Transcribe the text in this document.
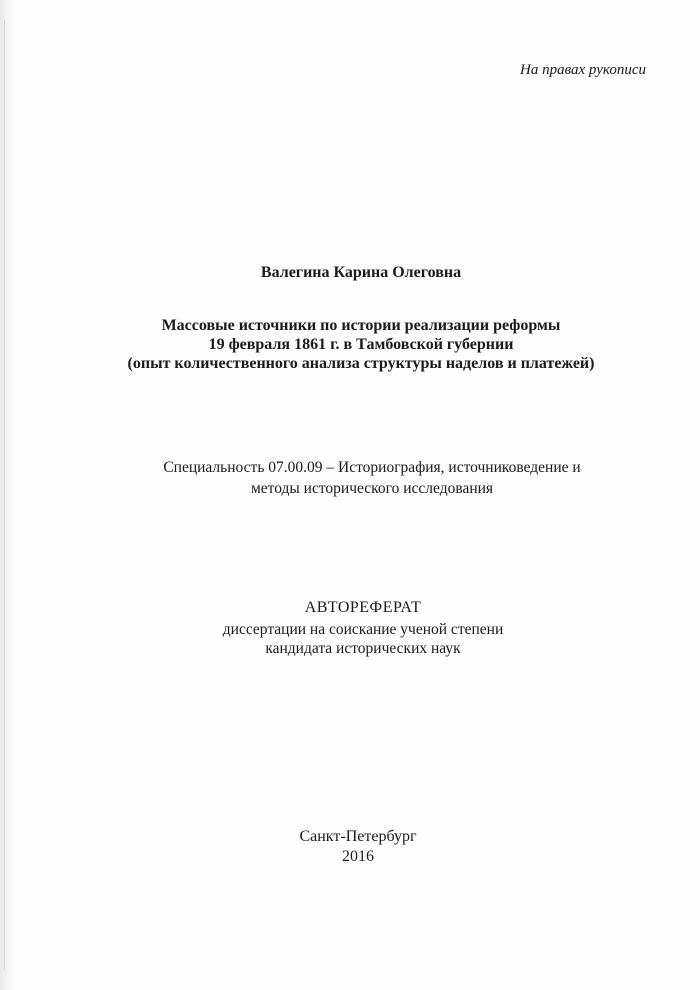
На правах рукописи
Валегина Карина Олеговна
Массовые источники по истории реализации реформы
19 февраля 1861 г. в Тамбовской губернии
(опыт количественного анализа структуры наделов и платежей)
Специальность 07.00.09 – Историография, источниковедение и
методы исторического исследования
АВТОРЕФЕРАТ
диссертации на соискание ученой степени
кандидата исторических наук
Санкт-Петербург
2016
